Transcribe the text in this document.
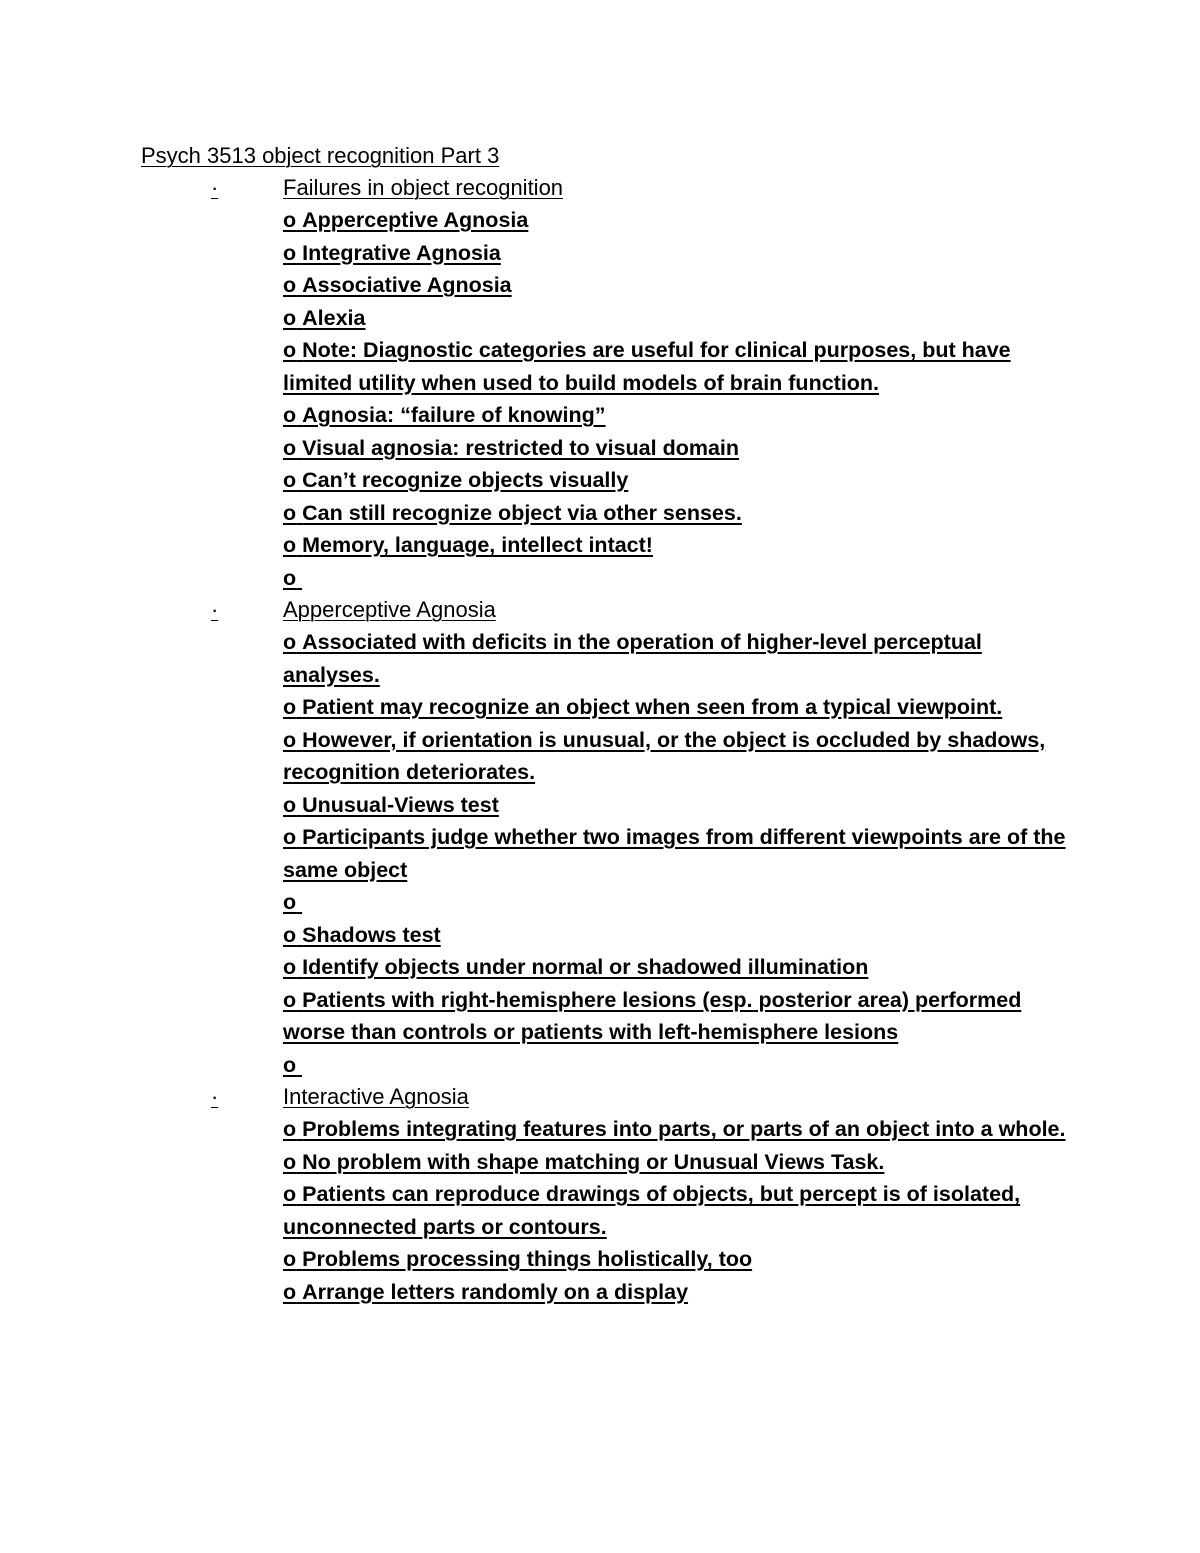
Psych 3513 object recognition Part 3
·	Failures in object recognition
o Apperceptive Agnosia
o Integrative Agnosia
o Associative Agnosia
o Alexia
o Note: Diagnostic categories are useful for clinical purposes, but have limited utility when used to build models of brain function.
o Agnosia: “failure of knowing”
o Visual agnosia: restricted to visual domain
o Can’t recognize objects visually
o Can still recognize object via other senses.
o Memory, language, intellect intact!
o
·	Apperceptive Agnosia
o Associated with deficits in the operation of higher-level perceptual analyses.
o Patient may recognize an object when seen from a typical viewpoint.
o However, if orientation is unusual, or the object is occluded by shadows, recognition deteriorates.
o Unusual-Views test
o Participants judge whether two images from different viewpoints are of the same object
o
o Shadows test
o Identify objects under normal or shadowed illumination
o Patients with right-hemisphere lesions (esp. posterior area) performed worse than controls or patients with left-hemisphere lesions
o
·	Interactive Agnosia
o Problems integrating features into parts, or parts of an object into a whole.
o No problem with shape matching or Unusual Views Task.
o Patients can reproduce drawings of objects, but percept is of isolated, unconnected parts or contours.
o Problems processing things holistically, too
o Arrange letters randomly on a display
